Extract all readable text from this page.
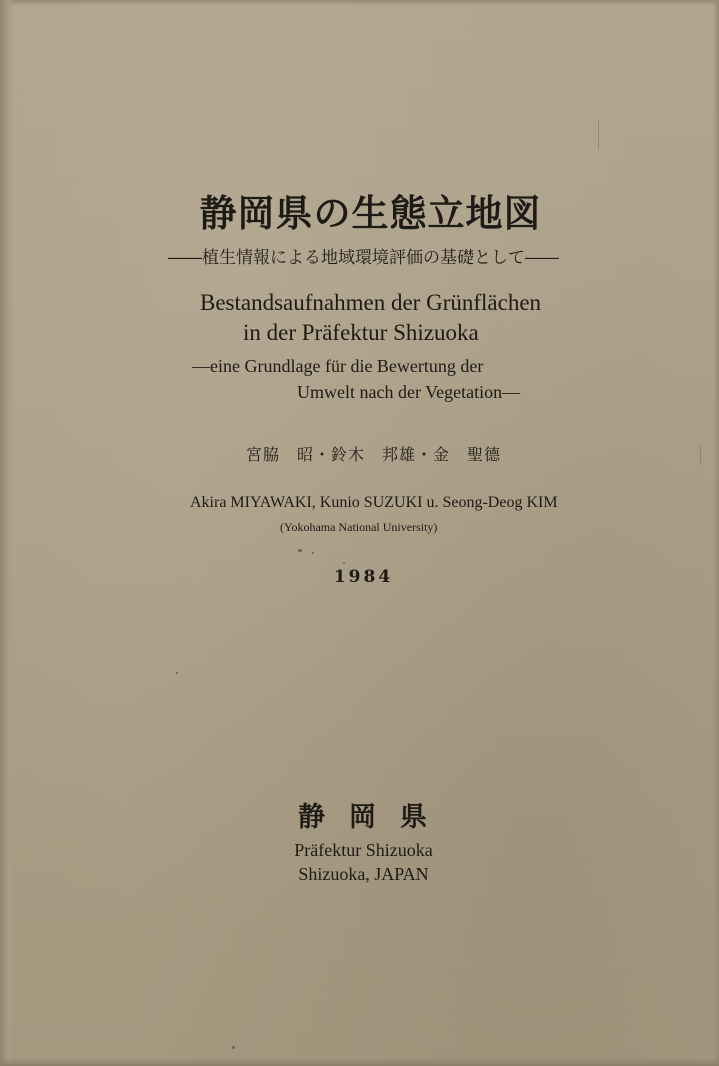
静岡県の生態立地図

――植生情報による地域環境評価の基礎として――

Bestandsaufnahmen der Grünflächen
in der Präfektur Shizuoka

—eine Grundlage für die Bewertung der

Umwelt nach der Vegetation—

宮脇　昭・鈴木　邦雄・金　聖德

Akira MIYAWAKI, Kunio SUZUKI u. Seong-Deog KIM

(Yokohama National University)

1984

静岡県

Präfektur Shizuoka
Shizuoka, JAPAN
